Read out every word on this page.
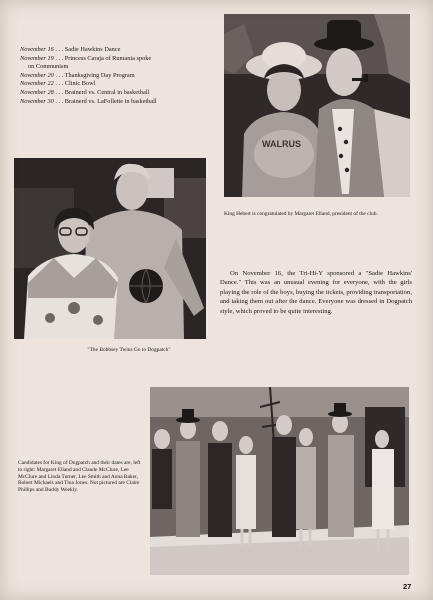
November 16 . . . Sadie Hawkins Dance
November 19 . . . Princess Caraja of Rumania spoke
on Communism
November 20 . . . Thanksgiving Day Program
November 22 . . . Clinic Bowl
November 28 . . . Brainerd vs. Central in basketball
November 30 . . . Brainerd vs. LaFollette in basketball
WALRUS
King Hebert is congratulated by Margaret Elland, president of the club.
"The Bobbsey Twins Go to Dogpatch"
Candidates for King of Dogpatch and their dates are, left to right: Margaret Elland and Claude McClure, Lee McClure and Linda Turner, Lee Smith and Anna Baker, Robert Michaels and Tina Jones. Not pictured are Claire Phillips and Buddy Weekly.
On November 16, the Tri-Hi-Y sponsored a "Sadie Hawkins' Dance." This was an unusual evening for everyone, with the girls playing the role of the boys, buying the tickets, providing transportation, and taking them out after the dance. Everyone was dressed in Dogpatch style, which proved to be quite interesting.
27
